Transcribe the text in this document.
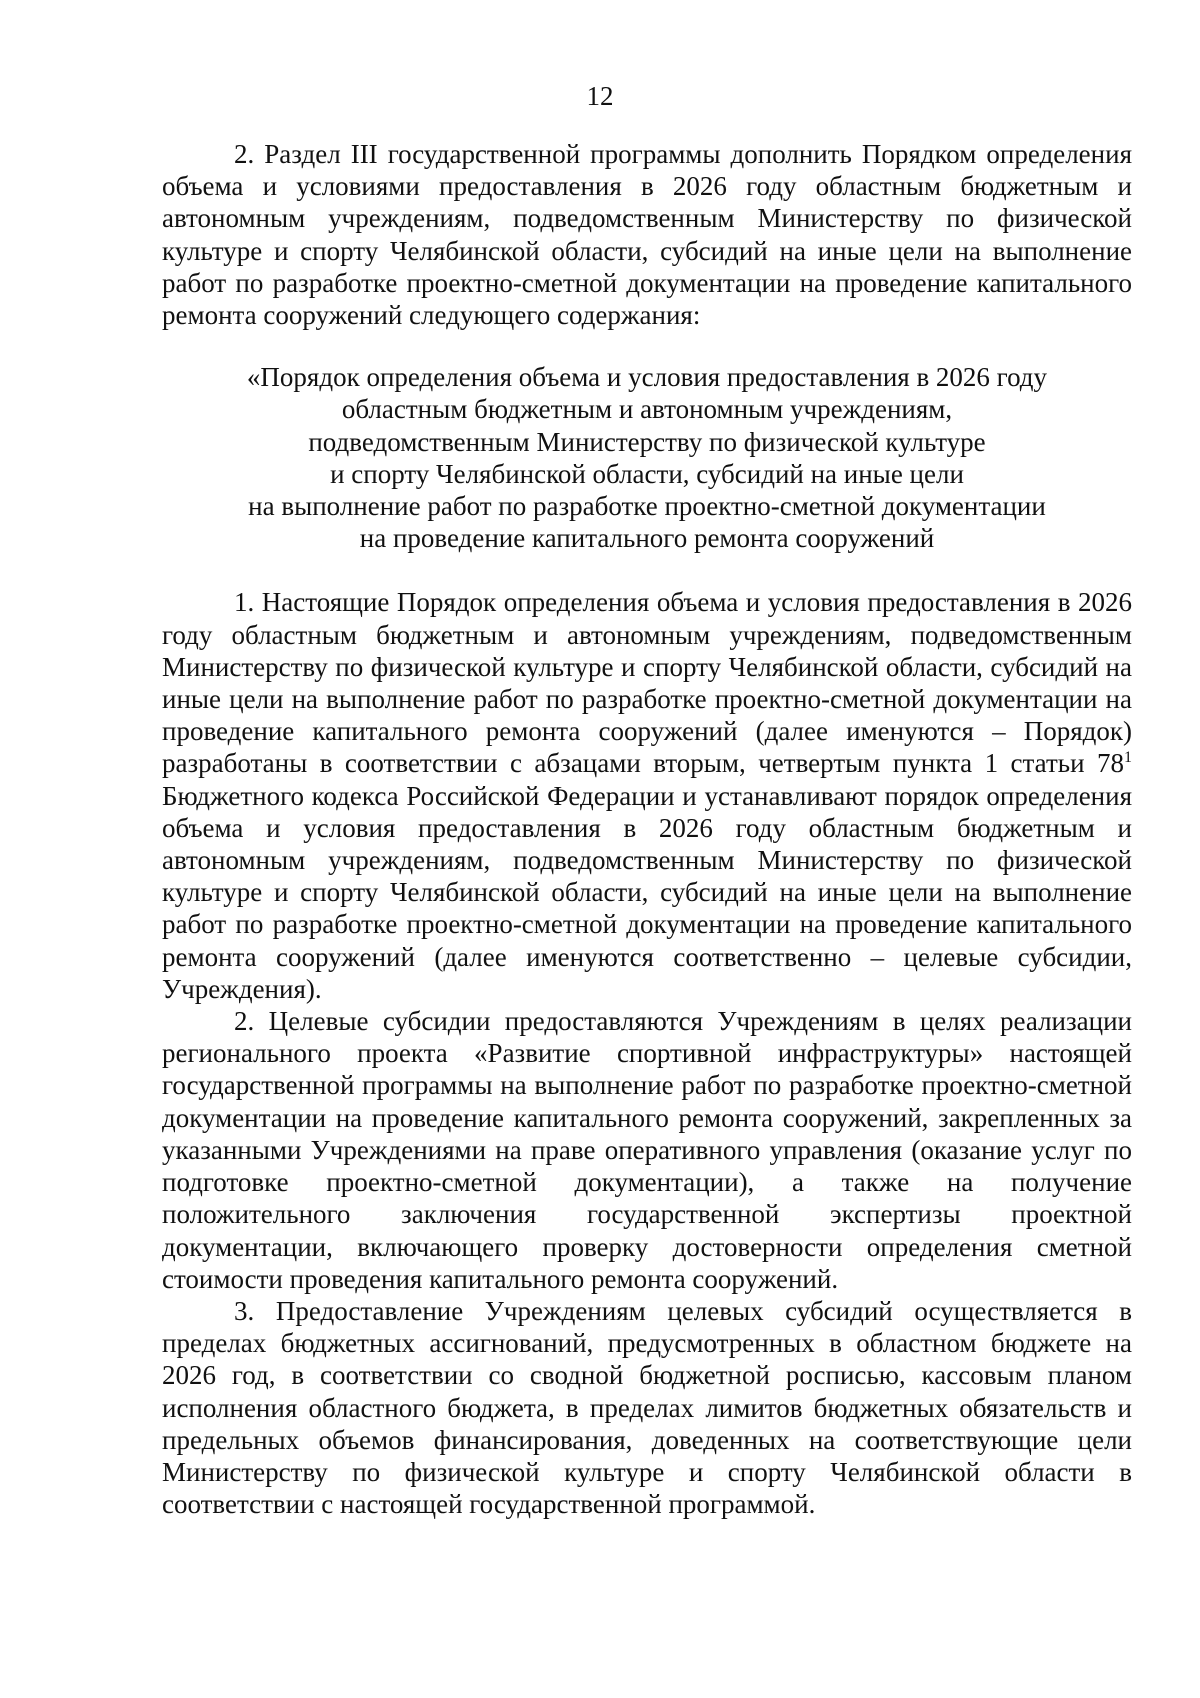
12

2. Раздел III государственной программы дополнить Порядком определения объема и условиями предоставления в 2026 году областным бюджетным и автономным учреждениям, подведомственным Министерству по физической культуре и спорту Челябинской области, субсидий на иные цели на выполнение работ по разработке проектно-сметной документации на проведение капитального ремонта сооружений следующего содержания:

«Порядок определения объема и условия предоставления в 2026 году
областным бюджетным и автономным учреждениям,
подведомственным Министерству по физической культуре
и спорту Челябинской области, субсидий на иные цели
на выполнение работ по разработке проектно-сметной документации
на проведение капитального ремонта сооружений

1. Настоящие Порядок определения объема и условия предоставления в 2026 году областным бюджетным и автономным учреждениям, подведомственным Министерству по физической культуре и спорту Челябинской области, субсидий на иные цели на выполнение работ по разработке проектно-сметной документации на проведение капитального ремонта сооружений (далее именуются – Порядок) разработаны в соответствии с абзацами вторым, четвертым пункта 1 статьи $78^1$ Бюджетного кодекса Российской Федерации и устанавливают порядок определения объема и условия предоставления в 2026 году областным бюджетным и автономным учреждениям, подведомственным Министерству по физической культуре и спорту Челябинской области, субсидий на иные цели на выполнение работ по разработке проектно-сметной документации на проведение капитального ремонта сооружений (далее именуются соответственно – целевые субсидии, Учреждения).

2. Целевые субсидии предоставляются Учреждениям в целях реализации регионального проекта «Развитие спортивной инфраструктуры» настоящей государственной программы на выполнение работ по разработке проектно-сметной документации на проведение капитального ремонта сооружений, закрепленных за указанными Учреждениями на праве оперативного управления (оказание услуг по подготовке проектно-сметной документации), а также на получение положительного заключения государственной экспертизы проектной документации, включающего проверку достоверности определения сметной стоимости проведения капитального ремонта сооружений.

3. Предоставление Учреждениям целевых субсидий осуществляется в пределах бюджетных ассигнований, предусмотренных в областном бюджете на 2026 год, в соответствии со сводной бюджетной росписью, кассовым планом исполнения областного бюджета, в пределах лимитов бюджетных обязательств и предельных объемов финансирования, доведенных на соответствующие цели Министерству по физической культуре и спорту Челябинской области в соответствии с настоящей государственной программой.
